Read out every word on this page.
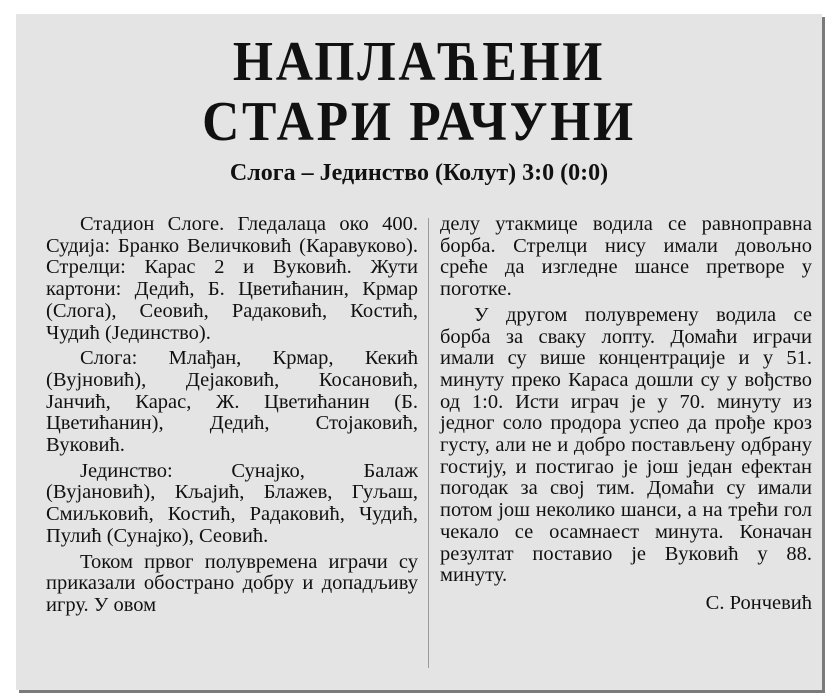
НАПЛАЋЕНИ
СТАРИ РАЧУНИ
Слога – Јединство (Колут) 3:0 (0:0)

Стадион Слоге. Гледалаца око 400. Судија: Бранко Величковић (Каравуково). Стрелци: Карас 2 и Вуковић. Жути картони: Дедић, Б. Цветићанин, Крмар (Слога), Сеовић, Радаковић, Костић, Чудић (Јединство).

Слога: Млађан, Крмар, Кекић (Вујновић), Дејаковић, Косановић, Јанчић, Карас, Ж. Цветићанин (Б. Цветићанин), Дедић, Стојаковић, Вуковић.

Јединство: Сунајко, Балаж (Вујановић), Кљајић, Блажев, Гуљаш, Смиљковић, Костић, Радаковић, Чудић, Пулић (Сунајко), Сеовић.

Током првог полувремена играчи су приказали обострано добру и допадљиву игру. У овом

делу утакмице водила се равноправна борба. Стрелци нису имали довољно среће да изгледне шансе претворе у поготке.

У другом полувремену водила се борба за сваку лопту. Домаћи играчи имали су више концентрације и у 51. минуту преко Караса дошли су у вођство од 1:0. Исти играч је у 70. минуту из једног соло продора успео да прође кроз густу, али не и добро постављену одбрану гостију, и постигао је још један ефектан погодак за свој тим. Домаћи су имали потом још неколико шанси, а на трећи гол чекало се осамнаест минута. Коначан резултат поставио је Вуковић у 88. минуту.

С. Рончевић
